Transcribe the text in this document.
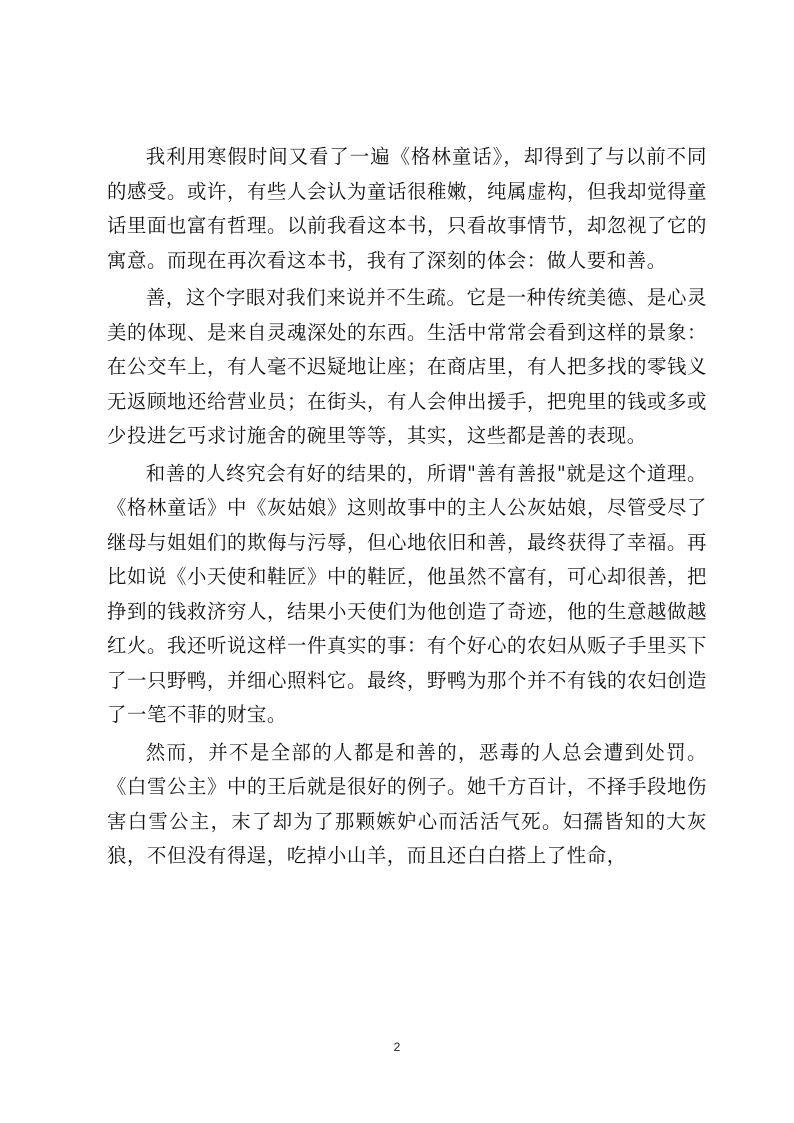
我利用寒假时间又看了一遍《格林童话》，却得到了与以前不同的感受。或许，有些人会认为童话很稚嫩，纯属虚构，但我却觉得童话里面也富有哲理。以前我看这本书，只看故事情节，却忽视了它的寓意。而现在再次看这本书，我有了深刻的体会：做人要和善。

善，这个字眼对我们来说并不生疏。它是一种传统美德、是心灵美的体现、是来自灵魂深处的东西。生活中常常会看到这样的景象：在公交车上，有人毫不迟疑地让座；在商店里，有人把多找的零钱义无返顾地还给营业员；在街头，有人会伸出援手，把兜里的钱或多或少投进乞丐求讨施舍的碗里等等，其实，这些都是善的表现。

和善的人终究会有好的结果的，所谓"善有善报"就是这个道理。《格林童话》中《灰姑娘》这则故事中的主人公灰姑娘，尽管受尽了继母与姐姐们的欺侮与污辱，但心地依旧和善，最终获得了幸福。再比如说《小天使和鞋匠》中的鞋匠，他虽然不富有，可心却很善，把挣到的钱救济穷人，结果小天使们为他创造了奇迹，他的生意越做越红火。我还听说这样一件真实的事：有个好心的农妇从贩子手里买下了一只野鸭，并细心照料它。最终，野鸭为那个并不有钱的农妇创造了一笔不菲的财宝。

然而，并不是全部的人都是和善的，恶毒的人总会遭到处罚。《白雪公主》中的王后就是很好的例子。她千方百计，不择手段地伤害白雪公主，末了却为了那颗嫉妒心而活活气死。妇孺皆知的大灰狼，不但没有得逞，吃掉小山羊，而且还白白搭上了性命，

2
